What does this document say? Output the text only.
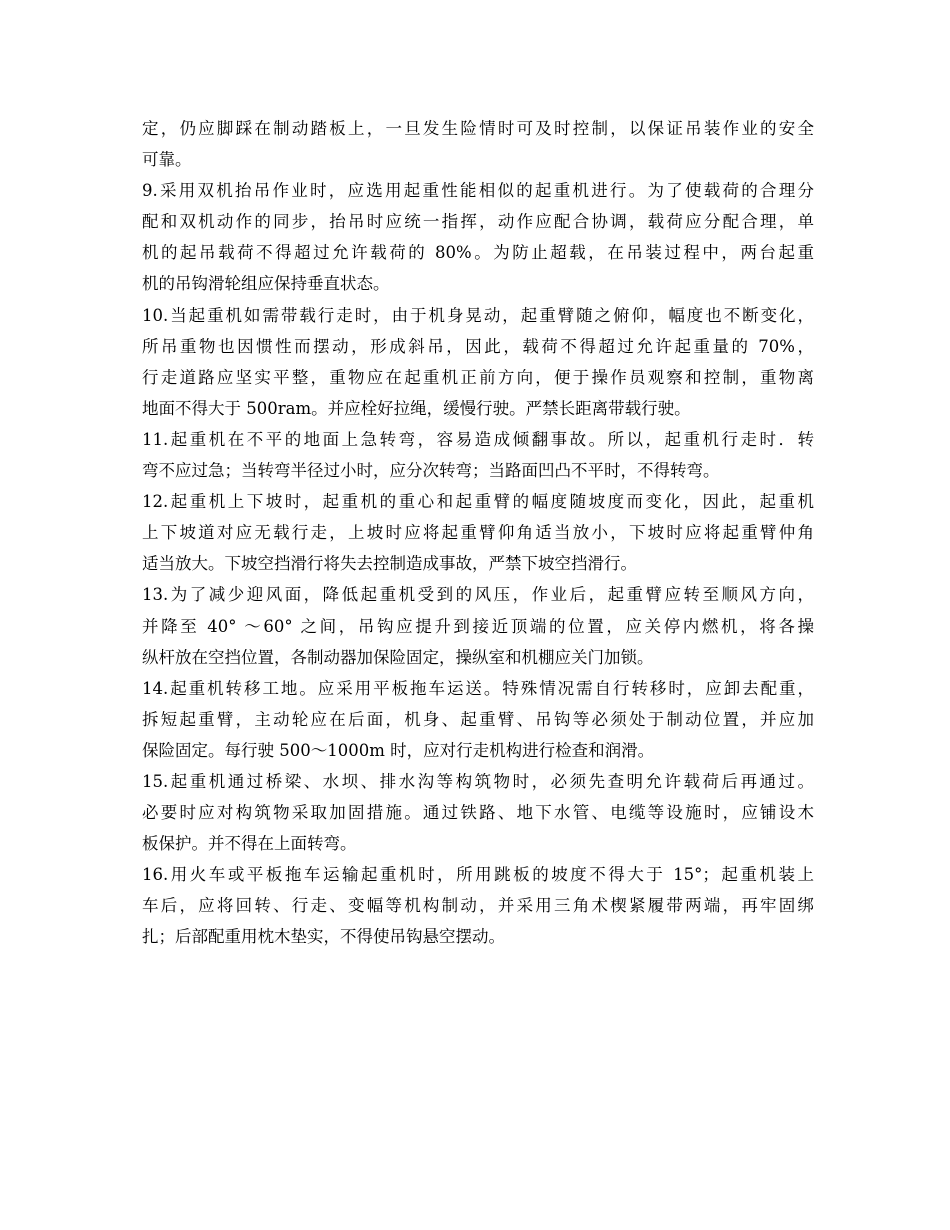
定，仍应脚踩在制动踏板上，一旦发生险情时可及时控制，以保证吊装作业的安全
可靠。
9.采用双机抬吊作业时，应选用起重性能相似的起重机进行。为了使载荷的合理分
配和双机动作的同步，抬吊时应统一指挥，动作应配合协调，载荷应分配合理，单
机的起吊载荷不得超过允许载荷的 80%。为防止超载，在吊装过程中，两台起重
机的吊钩滑轮组应保持垂直状态。
10.当起重机如需带载行走时，由于机身晃动，起重臂随之俯仰，幅度也不断变化，
所吊重物也因惯性而摆动，形成斜吊，因此，载荷不得超过允许起重量的 70%，
行走道路应坚实平整，重物应在起重机正前方向，便于操作员观察和控制，重物离
地面不得大于 500ram。并应栓好拉绳，缓慢行驶。严禁长距离带载行驶。
11.起重机在不平的地面上急转弯，容易造成倾翻事故。所以，起重机行走时．转
弯不应过急；当转弯半径过小时，应分次转弯；当路面凹凸不平时，不得转弯。
12.起重机上下坡时，起重机的重心和起重臂的幅度随坡度而变化，因此，起重机
上下坡道对应无载行走，上坡时应将起重臂仰角适当放小，下坡时应将起重臂仲角
适当放大。下坡空挡滑行将失去控制造成事故，严禁下坡空挡滑行。
13.为了减少迎风面，降低起重机受到的风压，作业后，起重臂应转至顺风方向，
并降至 40° ～60° 之间，吊钩应提升到接近顶端的位置，应关停内燃机，将各操
纵杆放在空挡位置，各制动器加保险固定，操纵室和机棚应关门加锁。
14.起重机转移工地。应采用平板拖车运送。特殊情况需自行转移时，应卸去配重，
拆短起重臂，主动轮应在后面，机身、起重臂、吊钩等必须处于制动位置，并应加
保险固定。每行驶 500～1000m 时，应对行走机构进行检查和润滑。
15.起重机通过桥梁、水坝、排水沟等构筑物时，必须先查明允许载荷后再通过。
必要时应对构筑物采取加固措施。通过铁路、地下水管、电缆等设施时，应铺设木
板保护。并不得在上面转弯。
16.用火车或平板拖车运输起重机时，所用跳板的坡度不得大于 15°；起重机装上
车后，应将回转、行走、变幅等机构制动，并采用三角术楔紧履带两端，再牢固绑
扎；后部配重用枕木垫实，不得使吊钩悬空摆动。
